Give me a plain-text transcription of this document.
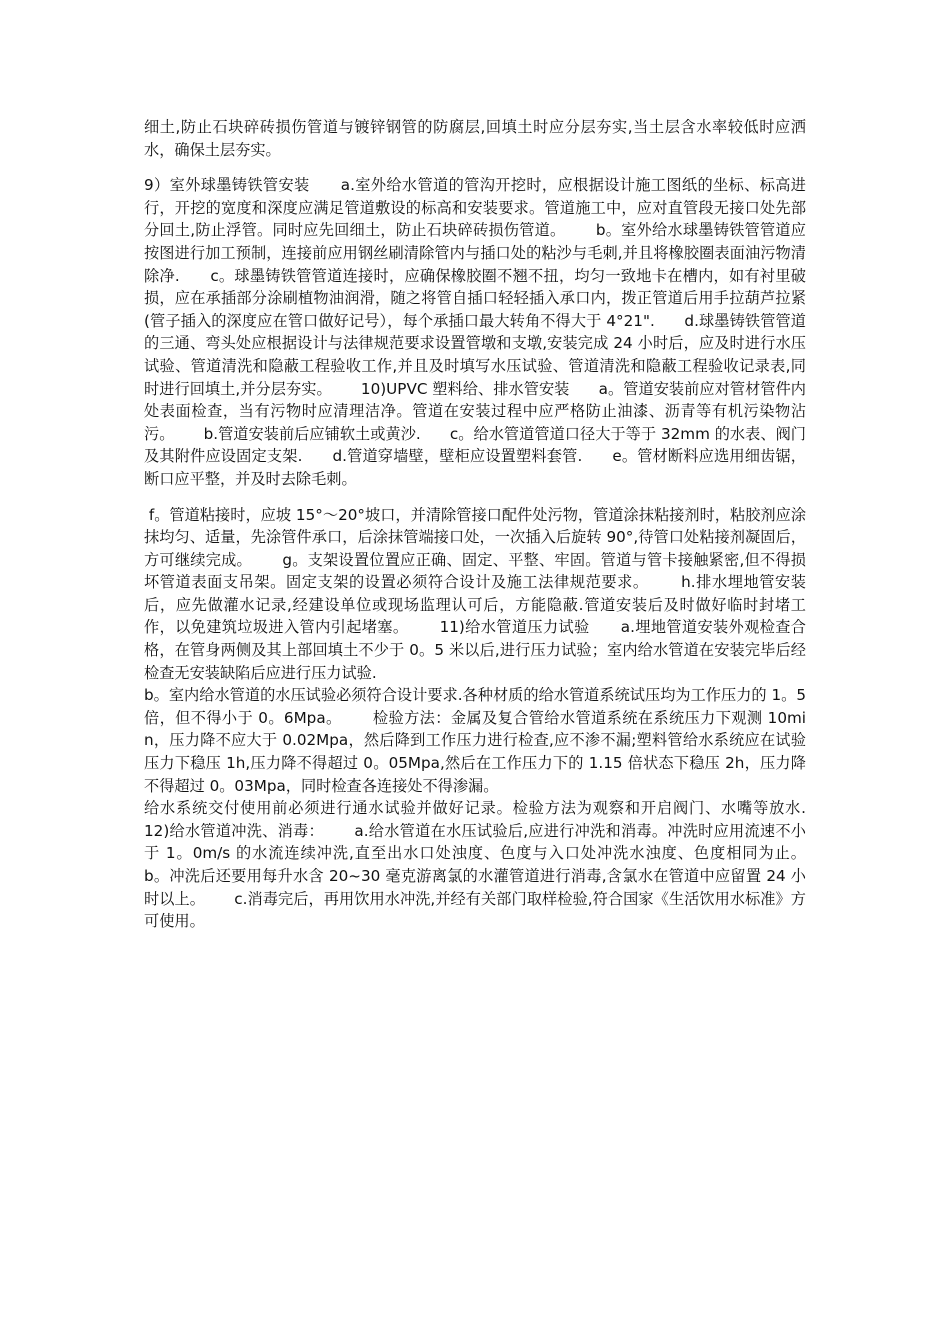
细土,防止石块碎砖损伤管道与镀锌钢管的防腐层,回填土时应分层夯实,当土层含水率较低时应洒水，确保土层夯实。

9）室外球墨铸铁管安装      a.室外给水管道的管沟开挖时，应根据设计施工图纸的坐标、标高进行，开挖的宽度和深度应满足管道敷设的标高和安装要求。管道施工中，应对直管段无接口处先部分回土,防止浮管。同时应先回细土，防止石块碎砖损伤管道。      b。室外给水球墨铸铁管管道应按图进行加工预制，连接前应用钢丝刷清除管内与插口处的粘沙与毛刺,并且将橡胶圈表面油污物清除净.      c。球墨铸铁管管道连接时，应确保橡胶圈不翘不扭，均匀一致地卡在槽内，如有衬里破损，应在承插部分涂刷植物油润滑，随之将管自插口轻轻插入承口内，拨正管道后用手拉葫芦拉紧(管子插入的深度应在管口做好记号），每个承插口最大转角不得大于 4°21".      d.球墨铸铁管管道的三通、弯头处应根据设计与法律规范要求设置管墩和支墩,安装完成 24 小时后，应及时进行水压试验、管道清洗和隐蔽工程验收工作,并且及时填写水压试验、管道清洗和隐蔽工程验收记录表,同时进行回填土,并分层夯实。      10)UPVC 塑料给、排水管安装      a。管道安装前应对管材管件内处表面检查，当有污物时应清理洁净。管道在安装过程中应严格防止油漆、沥青等有机污染物沾污。      b.管道安装前后应铺软土或黄沙.      c。给水管道管道口径大于等于 32mm 的水表、阀门及其附件应设固定支架.      d.管道穿墙壁，壁柜应设置塑料套管.      e。管材断料应选用细齿锯，断口应平整，并及时去除毛刺。

f。管道粘接时，应坡 15°～20°坡口，并清除管接口配件处污物，管道涂抹粘接剂时，粘胶剂应涂抹均匀、适量，先涂管件承口，后涂抹管端接口处，一次插入后旋转 90°,待管口处粘接剂凝固后，方可继续完成。      g。支架设置位置应正确、固定、平整、牢固。管道与管卡接触紧密,但不得损坏管道表面支吊架。固定支架的设置必须符合设计及施工法律规范要求。      h.排水埋地管安装后，应先做灌水记录,经建设单位或现场监理认可后，方能隐蔽.管道安装后及时做好临时封堵工作，以免建筑垃圾进入管内引起堵塞。      11)给水管道压力试验      a.埋地管道安装外观检查合格，在管身两侧及其上部回填土不少于 0。5 米以后,进行压力试验；室内给水管道在安装完毕后经检查无安装缺陷后应进行压力试验.
b。室内给水管道的水压试验必须符合设计要求.各种材质的给水管道系统试压均为工作压力的 1。5 倍，但不得小于 0。6Mpa。      检验方法：金属及复合管给水管道系统在系统压力下观测 10min，压力降不应大于 0.02Mpa，然后降到工作压力进行检查,应不渗不漏;塑料管给水系统应在试验压力下稳压 1h,压力降不得超过 0。05Mpa,然后在工作压力下的 1.15 倍状态下稳压 2h，压力降不得超过 0。03Mpa，同时检查各连接处不得渗漏。
给水系统交付使用前必须进行通水试验并做好记录。检验方法为观察和开启阀门、水嘴等放水.      12)给水管道冲洗、消毒：      a.给水管道在水压试验后,应进行冲洗和消毒。冲洗时应用流速不小于 1。0m/s 的水流连续冲洗,直至出水口处浊度、色度与入口处冲洗水浊度、色度相同为止。      b。冲洗后还要用每升水含 20~30 毫克游离氯的水灌管道进行消毒,含氯水在管道中应留置 24 小时以上。      c.消毒完后，再用饮用水冲洗,并经有关部门取样检验,符合国家《生活饮用水标准》方可使用。
